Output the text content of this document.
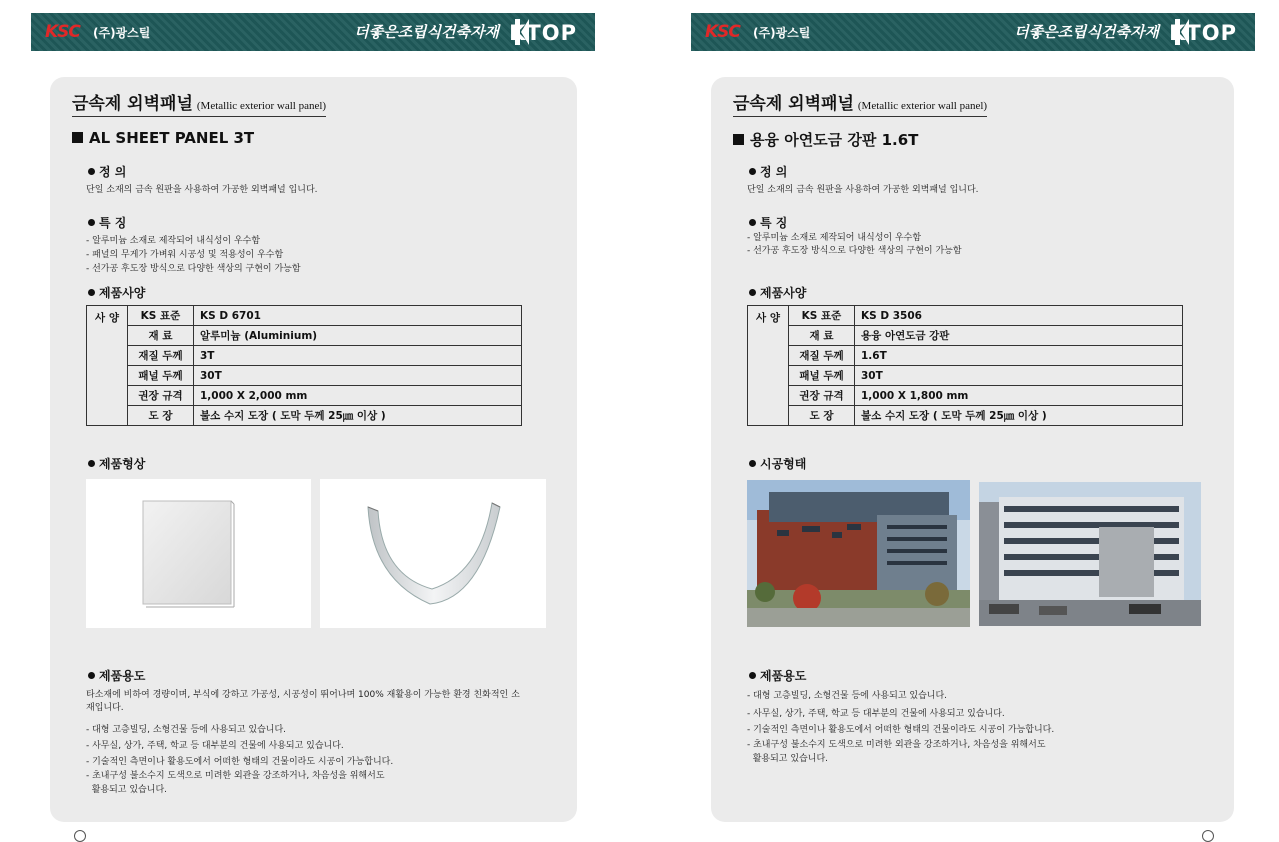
KSC (주)광스틸	더좋은조립식건축자재 KTOP
금속제 외벽패널 (Metallic exterior wall panel)
AL SHEET PANEL 3T
정 의
단일 소재의 금속 원판을 사용하여 가공한 외벽패널 입니다.
특 징
- 알루미늄 소재로 제작되어 내식성이 우수함
- 패널의 무게가 가벼워 시공성 및 적용성이 우수함
- 선가공 후도장 방식으로 다양한 색상의 구현이 가능함
제품사양
사 양	KS 표준	KS D 6701
	재 료	알루미늄 (Aluminium)
	재질 두께	3T
	패널 두께	30T
	권장 규격	1,000 X 2,000 mm
	도 장	불소 수지 도장 ( 도막 두께 25㎛ 이상 )
제품형상
제품용도
타소재에 비하여 경량이며, 부식에 강하고 가공성, 시공성이 뛰어나며 100% 재활용이 가능한 환경 친화적인 소재입니다.
- 대형 고층빌딩, 소형건물 등에 사용되고 있습니다.
- 사무실, 상가, 주택, 학교 등 대부분의 건물에 사용되고 있습니다.
- 기술적인 측면이나 활용도에서 어떠한 형태의 건물이라도 시공이 가능합니다.
- 초내구성 불소수지 도색으로 미려한 외관을 강조하거나, 차음성을 위해서도
활용되고 있습니다.
KSC (주)광스틸	더좋은조립식건축자재 KTOP
금속제 외벽패널 (Metallic exterior wall panel)
용융 아연도금 강판 1.6T
정 의
단일 소재의 금속 원판을 사용하여 가공한 외벽패널 입니다.
특 징
- 알루미늄 소재로 제작되어 내식성이 우수함
- 선가공 후도장 방식으로 다양한 색상의 구현이 가능함
제품사양
사 양	KS 표준	KS D 3506
	재 료	용융 아연도금 강판
	재질 두께	1.6T
	패널 두께	30T
	권장 규격	1,000 X 1,800 mm
	도 장	불소 수지 도장 ( 도막 두께 25㎛ 이상 )
시공형태
제품용도
- 대형 고층빌딩, 소형건물 등에 사용되고 있습니다.
- 사무실, 상가, 주택, 학교 등 대부분의 건물에 사용되고 있습니다.
- 기술적인 측면이나 활용도에서 어떠한 형태의 건물이라도 시공이 가능합니다.
- 초내구성 불소수지 도색으로 미려한 외관을 강조하거나, 차음성을 위해서도
활용되고 있습니다.
